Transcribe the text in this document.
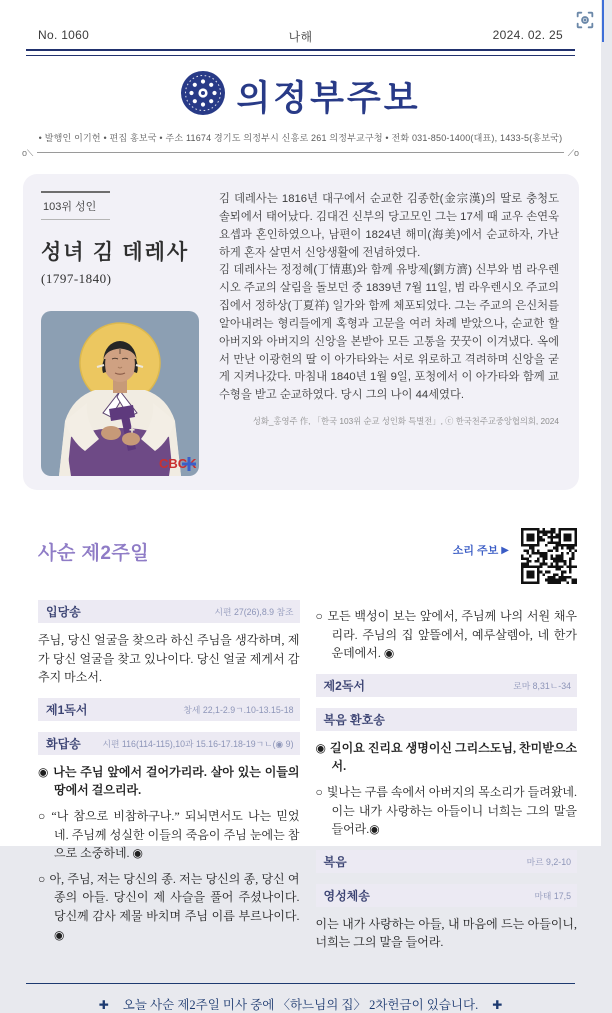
No. 1060	나해	2024. 02. 25
의정부주보
• 발행인 이기헌 • 편집 홍보국 • 주소 11674 경기도 의정부시 신흥로 261 의정부교구청 • 전화 031-850-1400(대표), 1433-5(홍보국)
o⟍	⟋o
103위 성인
성녀 김 데레사
(1797-1840)
CBCK

김 데레사는 1816년 대구에서 순교한 김종한(金宗漢)의 딸로 충청도 솔뫼에서 태어났다. 김대건 신부의 당고모인 그는 17세 때 교우 손연욱 요셉과 혼인하였으나, 남편이 1824년 해미(海美)에서 순교하자, 가난하게 혼자 살면서 신앙생활에 전념하였다.

김 데레사는 정정혜(丁情惠)와 함께 유방제(劉方濟) 신부와 범 라우렌시오 주교의 살림을 돌보던 중 1839년 7월 11일, 범 라우렌시오 주교의 집에서 정하상(丁夏祥) 일가와 함께 체포되었다. 그는 주교의 은신처를 알아내려는 형리들에게 혹형과 고문을 여러 차례 받았으나, 순교한 할아버지와 아버지의 신앙을 본받아 모든 고통을 꿋꿋이 이겨냈다. 옥에서 만난 이광헌의 딸 이 아가타와는 서로 위로하고 격려하며 신앙을 굳게 지켜나갔다. 마침내 1840년 1월 9일, 포청에서 이 아가타와 함께 교수형을 받고 순교하였다. 당시 그의 나이 44세였다.

성화_홍영주 作, 「한국 103위 순교 성인화 특별전」, ⓒ 한국천주교중앙협의회, 2024
사순 제2주일	소리 주보 ▶
입당송	시편 27(26),8.9 참조

주님, 당신 얼굴을 찾으라 하신 주님을 생각하며, 제가 당신 얼굴을 찾고 있나이다. 당신 얼굴 제게서 감추지 마소서.

제1독서	창세 22,1-2.9ㄱ.10-13.15-18
화답송 시편 116(114-115),10과 15.16-17.18-19ㄱㄴ(◉ 9)

◉ 나는 주님 앞에서 걸어가리라. 살아 있는 이들의 땅에서 걸으리라.

○ “나 참으로 비참하구나.” 되뇌면서도 나는 믿었네. 주님께 성실한 이들의 죽음이 주님 눈에는 참으로 소중하네. ◉

○ 아, 주님, 저는 당신의 종. 저는 당신의 종, 당신 여종의 아들. 당신이 제 사슬을 풀어 주셨나이다. 당신께 감사 제물 바치며 주님 이름 부르나이다. ◉

○ 모든 백성이 보는 앞에서, 주님께 나의 서원 채우리라. 주님의 집 앞뜰에서, 예루살렘아, 네 한가운데에서. ◉

제2독서	로마 8,31ㄴ-34
복음 환호송

◉ 길이요 진리요 생명이신 그리스도님, 찬미받으소서.

○ 빛나는 구름 속에서 아버지의 목소리가 들려왔네. 이는 내가 사랑하는 아들이니 너희는 그의 말을 들어라.◉

복음	마르 9,2-10
영성체송	마태 17,5

이는 내가 사랑하는 아들, 내 마음에 드는 아들이니, 너희는 그의 말을 들어라.

✚ 오늘 사순 제2주일 미사 중에 〈하느님의 집〉 2차헌금이 있습니다. ✚
